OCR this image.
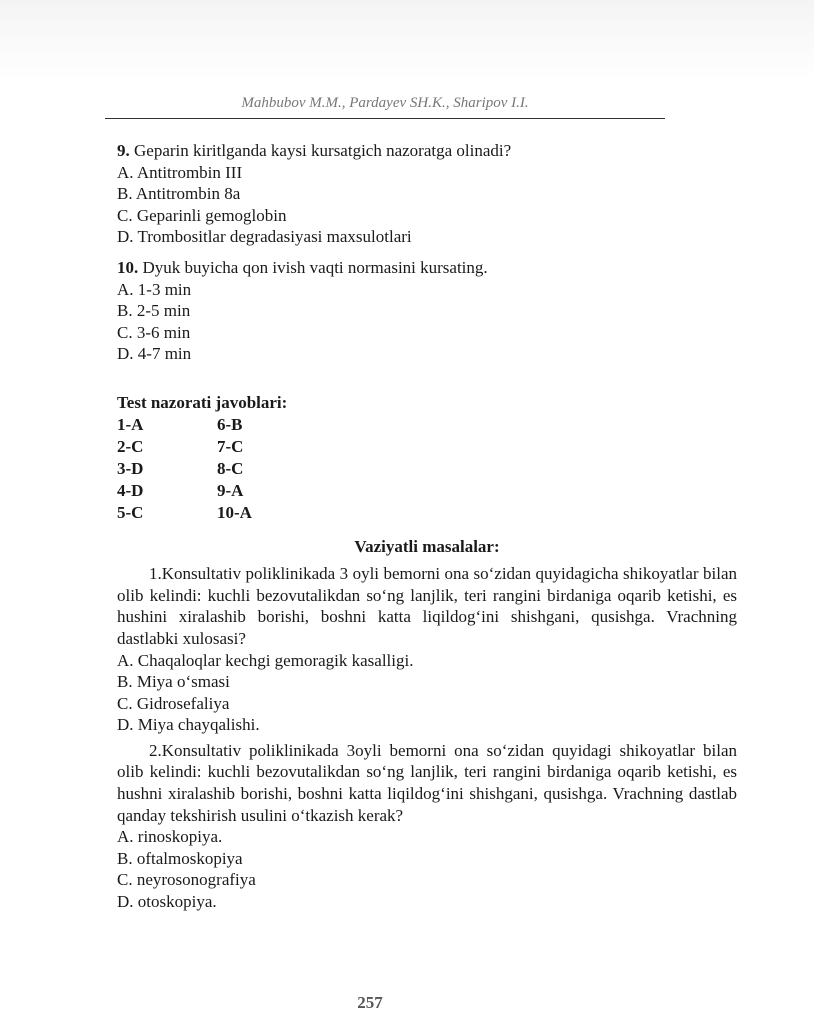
Mahbubov M.M., Pardayev SH.K., Sharipov I.I.

9. Geparin kiritlganda kaysi kursatgich nazoratga olinadi?

A. Antitrombin III

B. Antitrombin 8a

C. Geparinli gemoglobin

D. Trombositlar degradasiyasi maxsulotlari

10. Dyuk buyicha qon ivish vaqti normasini kursating.

A. 1-3 min

B. 2-5 min

C. 3-6 min

D. 4-7 min

Test nazorati javoblari:
1-A	6-B
2-C	7-C
3-D	8-C
4-D	9-A
5-C	10-A
Vaziyatli masalalar:

1.Konsultativ poliklinikada 3 oyli bemorni ona so‘zidan quyidagicha shikoyatlar bilan olib kelindi: kuchli bezovutalikdan so‘ng lanjlik, teri rangini birdaniga oqarib ketishi, es hushini xiralashib borishi, boshni katta liqildog‘ini shishgani, qusishga. Vrachning dastlabki xulosasi?

A. Chaqaloqlar kechgi gemoragik kasalligi.

B. Miya o‘smasi

C. Gidrosefaliya

D. Miya chayqalishi.

2.Konsultativ poliklinikada 3oyli bemorni ona so‘zidan quyidagi shikoyatlar bilan olib kelindi: kuchli bezovutalikdan so‘ng lanjlik, teri rangini birdaniga oqarib ketishi, es hushni xiralashib borishi, boshni katta liqildog‘ini shishgani, qusishga. Vrachning dastlab qanday tekshirish usulini o‘tkazish kerak?

A. rinoskopiya.

B. oftalmoskopiya

C. neyrosonografiya

D. otoskopiya.

257
